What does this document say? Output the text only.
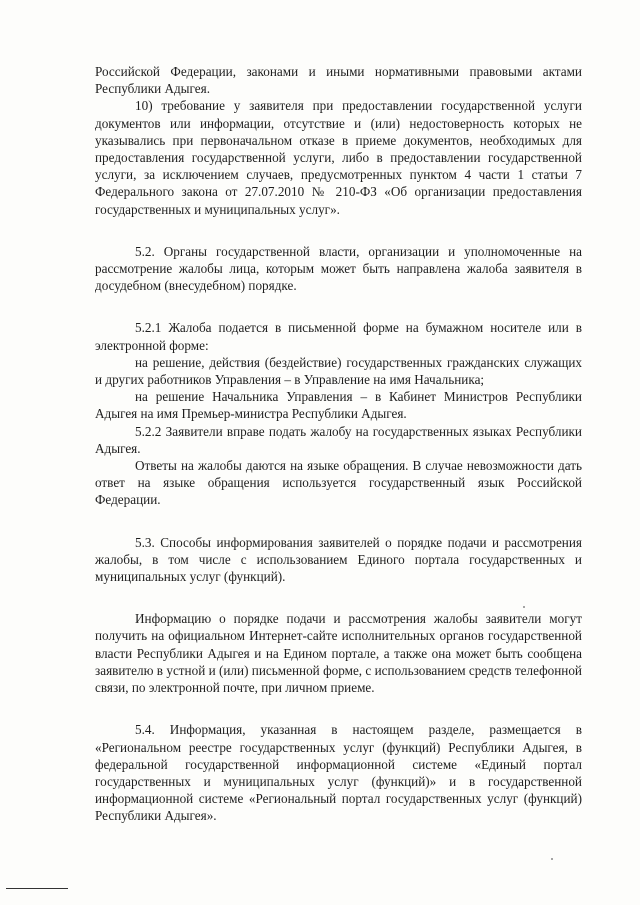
Российской Федерации, законами и иными нормативными правовыми актами Республики Адыгея.

10) требование у заявителя при предоставлении государственной услуги документов или информации, отсутствие и (или) недостоверность которых не указывались при первоначальном отказе в приеме документов, необходимых для предоставления государственной услуги, либо в предоставлении государственной услуги, за исключением случаев, предусмотренных пунктом 4 части 1 статьи 7 Федерального закона от 27.07.2010 № 210-ФЗ «Об организации предоставления государственных и муниципальных услуг».

5.2. Органы государственной власти, организации и уполномоченные на рассмотрение жалобы лица, которым может быть направлена жалоба заявителя в досудебном (внесудебном) порядке.

5.2.1 Жалоба подается в письменной форме на бумажном носителе или в электронной форме:

на решение, действия (бездействие) государственных гражданских служащих и других работников Управления – в Управление на имя Начальника;

на решение Начальника Управления – в Кабинет Министров Республики Адыгея на имя Премьер-министра Республики Адыгея.

5.2.2 Заявители вправе подать жалобу на государственных языках Республики Адыгея.

Ответы на жалобы даются на языке обращения. В случае невозможности дать ответ на языке обращения используется государственный язык Российской Федерации.

5.3. Способы информирования заявителей о порядке подачи и рассмотрения жалобы, в том числе с использованием Единого портала государственных и муниципальных услуг (функций).

Информацию о порядке подачи и рассмотрения жалобы заявители могут получить на официальном Интернет-сайте исполнительных органов государственной власти Республики Адыгея и на Едином портале, а также она может быть сообщена заявителю в устной и (или) письменной форме, с использованием средств телефонной связи, по электронной почте, при личном приеме.

5.4. Информация, указанная в настоящем разделе, размещается в «Региональном реестре государственных услуг (функций) Республики Адыгея, в федеральной государственной информационной системе «Единый портал государственных и муниципальных услуг (функций)» и в государственной информационной системе «Региональный портал государственных услуг (функций) Республики Адыгея».
